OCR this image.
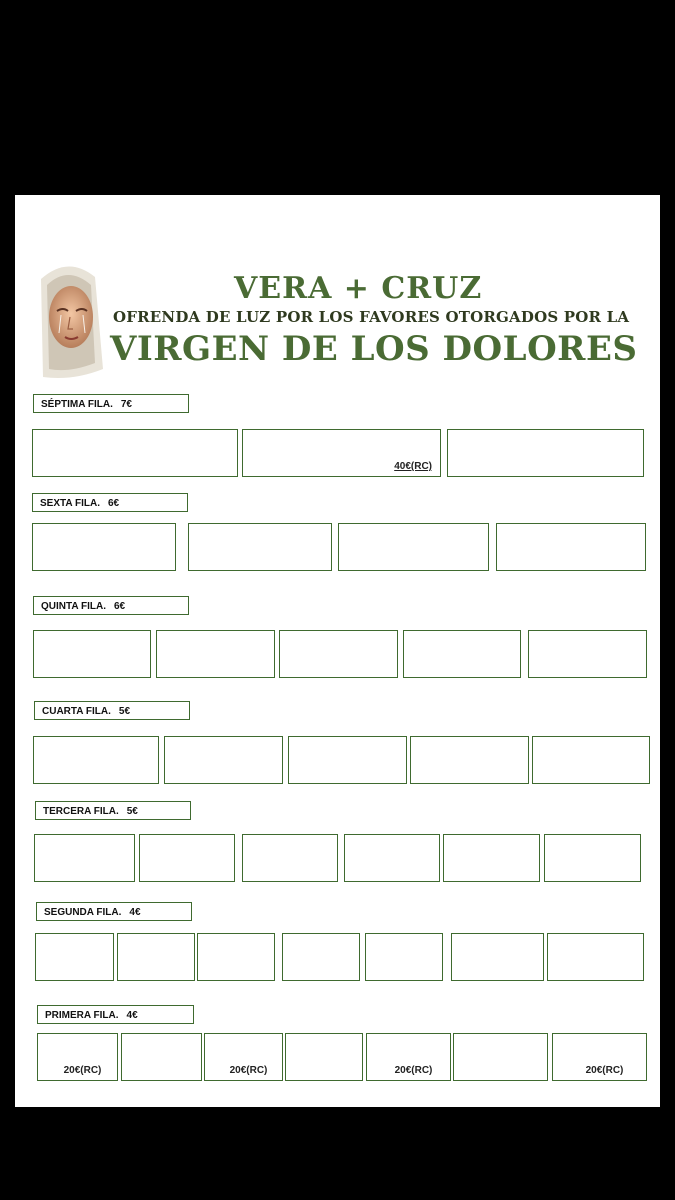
VERA + CRUZ
OFRENDA DE LUZ POR LOS FAVORES OTORGADOS POR LA
VIRGEN DE LOS DOLORES
SÉPTIMA FILA. 7€
40€(RC)
SEXTA FILA. 6€
QUINTA FILA. 6€
CUARTA FILA. 5€
TERCERA FILA. 5€
SEGUNDA FILA. 4€
PRIMERA FILA. 4€
20€(RC)	20€(RC)	20€(RC)	20€(RC)
